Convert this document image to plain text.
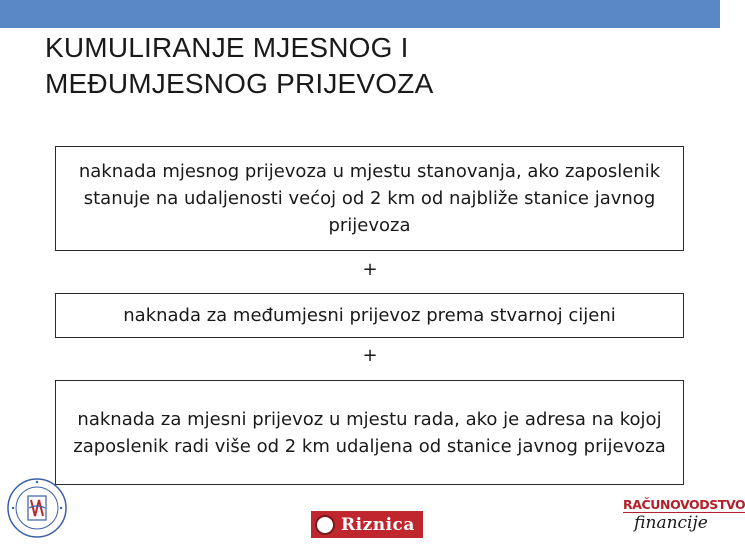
KUMULIRANJE MJESNOG I
MEĐUMJESNOG PRIJEVOZA
naknada mjesnog prijevoza u mjestu stanovanja, ako zaposlenik stanuje na udaljenosti većoj od 2 km od najbliže stanice javnog prijevoza
+
naknada za međumjesni prijevoz prema stvarnoj cijeni
+
naknada za mjesni prijevoz u mjestu rada, ako je adresa na kojoj zaposlenik radi više od 2 km udaljena od stanice javnog prijevoza
Riznica
RAČUNOVODSTVO
financije
